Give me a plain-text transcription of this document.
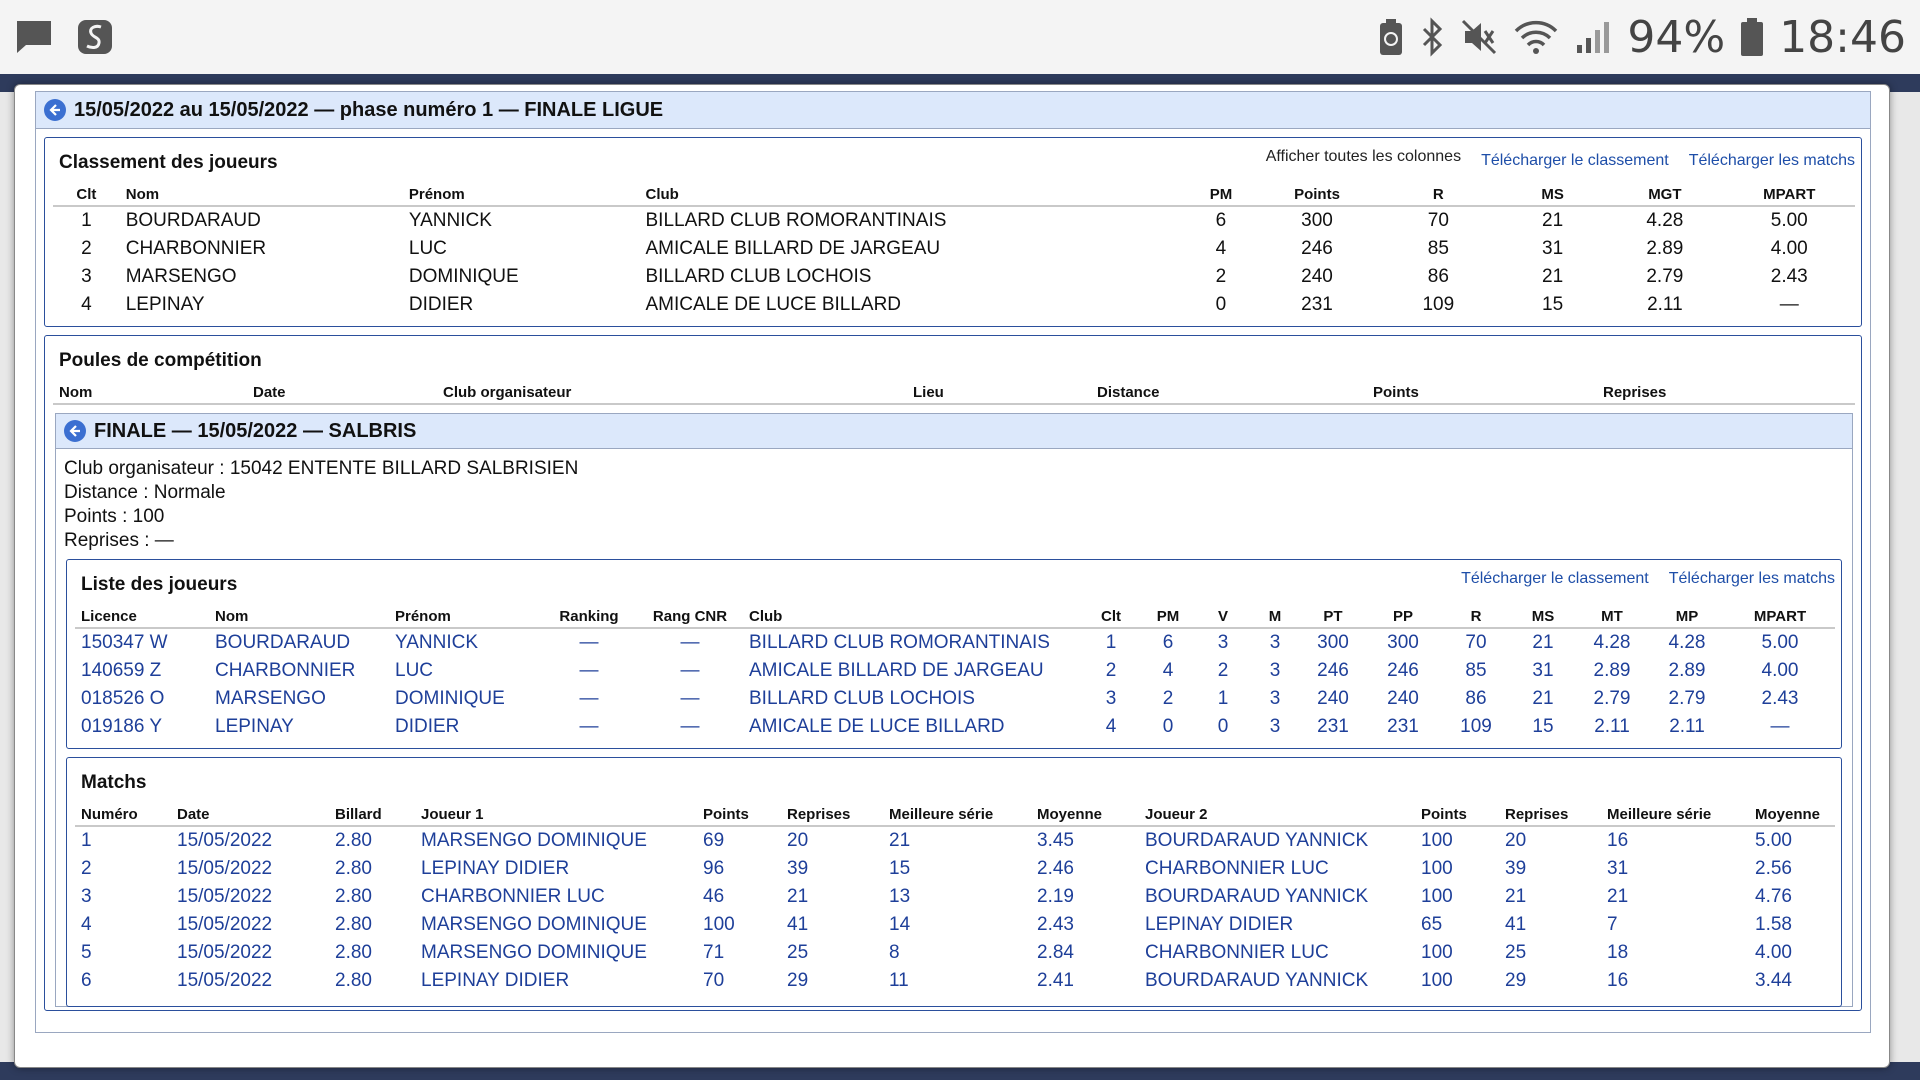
94% 18:46
15/05/2022 au 15/05/2022 — phase numéro 1 — FINALE LIGUE
Classement des joueurs	Afficher toutes les colonnes Télécharger le classement Télécharger les matchs
Clt	Nom	Prénom	Club	PM	Points	R	MS	MGT	MPART
1	BOURDARAUD	YANNICK	BILLARD CLUB ROMORANTINAIS	6	300	70	21	4.28	5.00
2	CHARBONNIER	LUC	AMICALE BILLARD DE JARGEAU	4	246	85	31	2.89	4.00
3	MARSENGO	DOMINIQUE	BILLARD CLUB LOCHOIS	2	240	86	21	2.79	2.43
4	LEPINAY	DIDIER	AMICALE DE LUCE BILLARD	0	231	109	15	2.11	—
Poules de compétition
Nom	Date	Club organisateur	Lieu	Distance	Points	Reprises
FINALE — 15/05/2022 — SALBRIS
Club organisateur : 15042 ENTENTE BILLARD SALBRISIEN
Distance : Normale
Points : 100
Reprises : —
Liste des joueurs	Télécharger le classement Télécharger les matchs
Licence	Nom	Prénom	Ranking	Rang CNR	Club	Clt	PM	V	M	PT	PP	R	MS	MT	MP	MPART
150347 W	BOURDARAUD	YANNICK	—	—	BILLARD CLUB ROMORANTINAIS	1	6	3	3	300	300	70	21	4.28	4.28	5.00
140659 Z	CHARBONNIER	LUC	—	—	AMICALE BILLARD DE JARGEAU	2	4	2	3	246	246	85	31	2.89	2.89	4.00
018526 O	MARSENGO	DOMINIQUE	—	—	BILLARD CLUB LOCHOIS	3	2	1	3	240	240	86	21	2.79	2.79	2.43
019186 Y	LEPINAY	DIDIER	—	—	AMICALE DE LUCE BILLARD	4	0	0	3	231	231	109	15	2.11	2.11	—
Matchs
Numéro	Date	Billard	Joueur 1	Points	Reprises	Meilleure série	Moyenne	Joueur 2	Points	Reprises	Meilleure série	Moyenne
1	15/05/2022	2.80	MARSENGO DOMINIQUE	69	20	21	3.45	BOURDARAUD YANNICK	100	20	16	5.00
2	15/05/2022	2.80	LEPINAY DIDIER	96	39	15	2.46	CHARBONNIER LUC	100	39	31	2.56
3	15/05/2022	2.80	CHARBONNIER LUC	46	21	13	2.19	BOURDARAUD YANNICK	100	21	21	4.76
4	15/05/2022	2.80	MARSENGO DOMINIQUE	100	41	14	2.43	LEPINAY DIDIER	65	41	7	1.58
5	15/05/2022	2.80	MARSENGO DOMINIQUE	71	25	8	2.84	CHARBONNIER LUC	100	25	18	4.00
6	15/05/2022	2.80	LEPINAY DIDIER	70	29	11	2.41	BOURDARAUD YANNICK	100	29	16	3.44
